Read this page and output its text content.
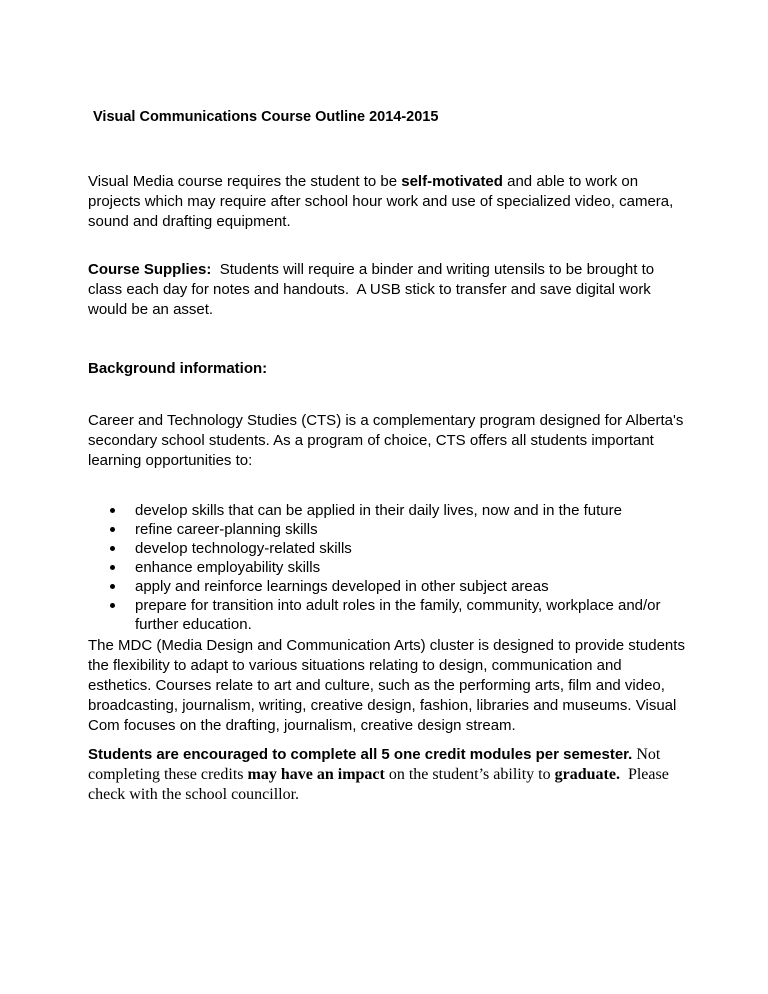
Visual Communications Course Outline 2014-2015

Visual Media course requires the student to be self-motivated and able to work on projects which may require after school hour work and use of specialized video, camera, sound and drafting equipment.

Course Supplies:  Students will require a binder and writing utensils to be brought to class each day for notes and handouts.  A USB stick to transfer and save digital work would be an asset.

Background information:

Career and Technology Studies (CTS) is a complementary program designed for Alberta's secondary school students. As a program of choice, CTS offers all students important learning opportunities to:

develop skills that can be applied in their daily lives, now and in the future
refine career-planning skills
develop technology-related skills
enhance employability skills
apply and reinforce learnings developed in other subject areas
prepare for transition into adult roles in the family, community, workplace and/or further education.

The MDC (Media Design and Communication Arts) cluster is designed to provide students the flexibility to adapt to various situations relating to design, communication and esthetics. Courses relate to art and culture, such as the performing arts, film and video, broadcasting, journalism, writing, creative design, fashion, libraries and museums. Visual Com focuses on the drafting, journalism, creative design stream.

Students are encouraged to complete all 5 one credit modules per semester. Not completing these credits may have an impact on the student’s ability to graduate.  Please check with the school councillor.
